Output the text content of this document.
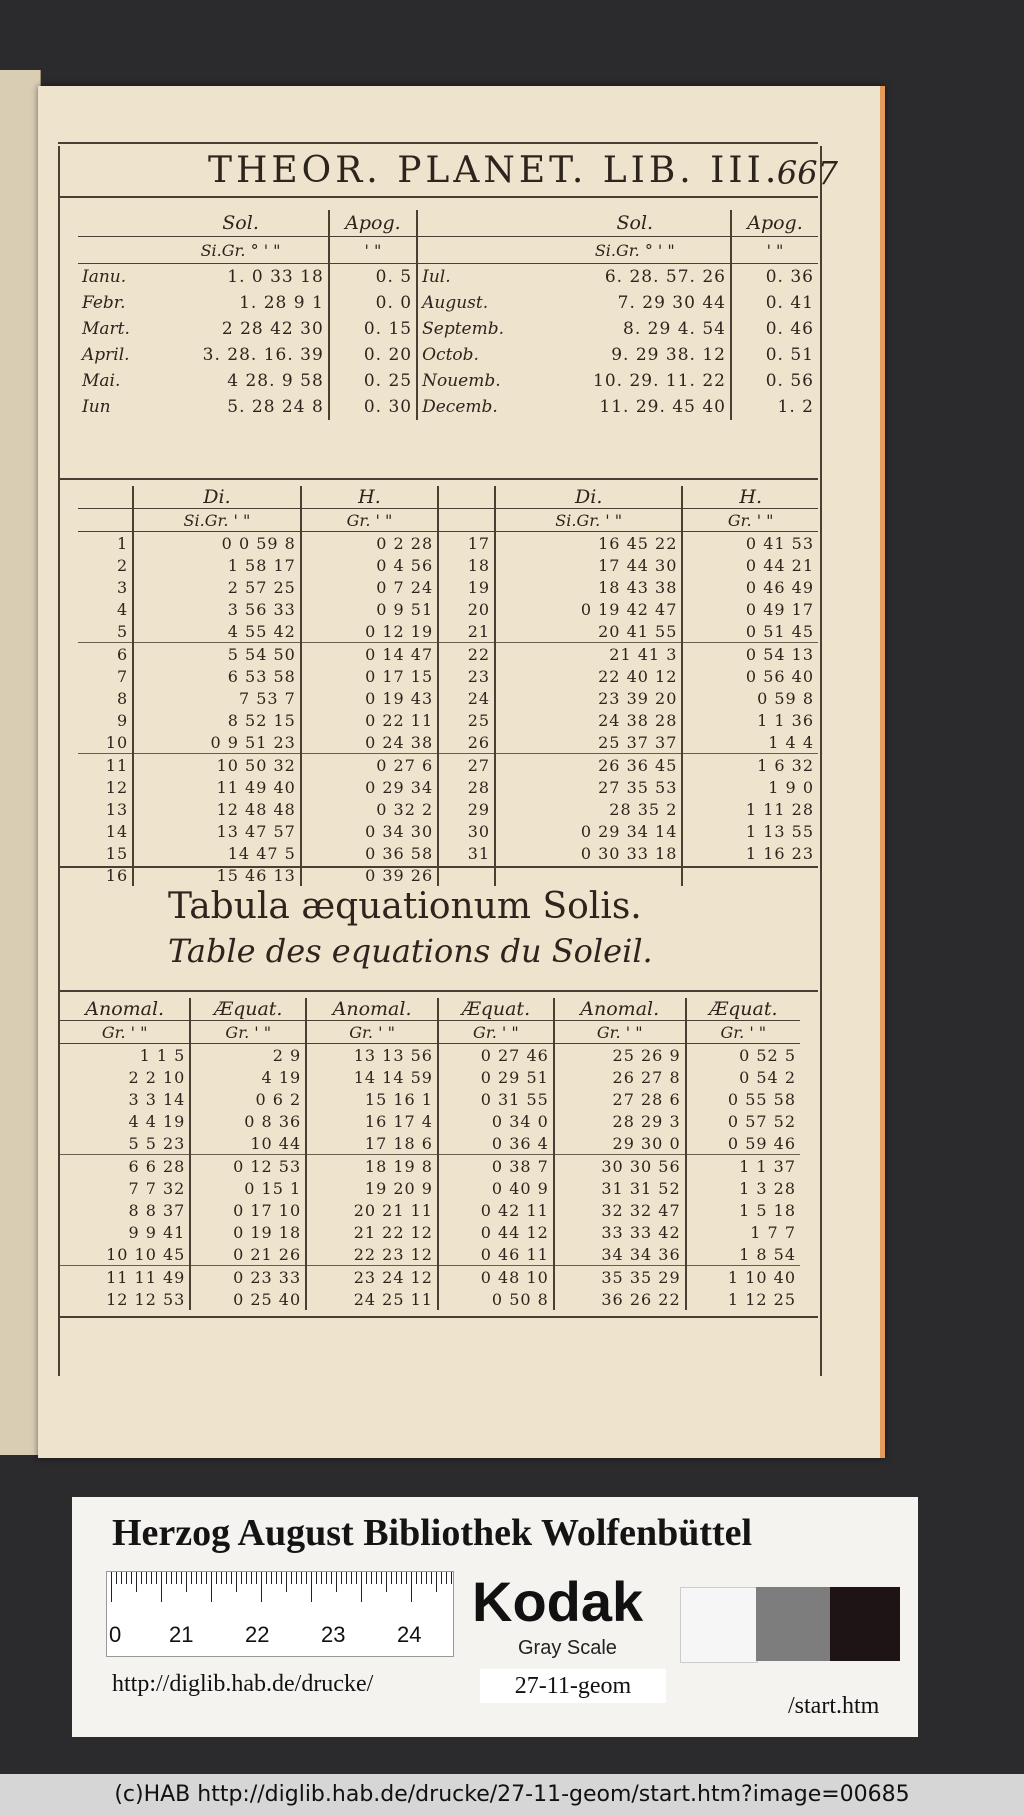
THEOR. PLANET. LIB. III.
667
	Sol.	Apog.		Sol.	Apog.
	Si.Gr. ° ' "	' "		Si.Gr. ° ' "	' "
Ianu.	1. 0 33 18	0. 5	Iul.	6. 28. 57. 26	0. 36
Febr.	1. 28 9 1	0. 0	August.	7. 29 30 44	0. 41
Mart.	2 28 42 30	0. 15	Septemb.	8. 29 4. 54	0. 46
April.	3. 28. 16. 39	0. 20	Octob.	9. 29 38. 12	0. 51
Mai.	4 28. 9 58	0. 25	Nouemb.	10. 29. 11. 22	0. 56
Iun	5. 28 24 8	0. 30	Decemb.	11. 29. 45 40	1. 2
	Di.	H.		Di.	H.
	Si.Gr. ' "	Gr. ' "		Si.Gr. ' "	Gr. ' "
1	0 0 59 8	0 2 28	17	16 45 22	0 41 53
2	1 58 17	0 4 56	18	17 44 30	0 44 21
3	2 57 25	0 7 24	19	18 43 38	0 46 49
4	3 56 33	0 9 51	20	0 19 42 47	0 49 17
5	4 55 42	0 12 19	21	20 41 55	0 51 45
6	5 54 50	0 14 47	22	21 41 3	0 54 13
7	6 53 58	0 17 15	23	22 40 12	0 56 40
8	7 53 7	0 19 43	24	23 39 20	0 59 8
9	8 52 15	0 22 11	25	24 38 28	1 1 36
10	0 9 51 23	0 24 38	26	25 37 37	1 4 4
11	10 50 32	0 27 6	27	26 36 45	1 6 32
12	11 49 40	0 29 34	28	27 35 53	1 9 0
13	12 48 48	0 32 2	29	28 35 2	1 11 28
14	13 47 57	0 34 30	30	0 29 34 14	1 13 55
15	14 47 5	0 36 58	31	0 30 33 18	1 16 23
16	15 46 13	0 39 26			
Tabula æquationum Solis.
Table des equations du Soleil.
Anomal.	Æquat.	Anomal.	Æquat.	Anomal.	Æquat.
Gr. ' "	Gr. ' "	Gr. ' "	Gr. ' "	Gr. ' "	Gr. ' "
1 1 5	2 9	13 13 56	0 27 46	25 26 9	0 52 5
2 2 10	4 19	14 14 59	0 29 51	26 27 8	0 54 2
3 3 14	0 6 2	15 16 1	0 31 55	27 28 6	0 55 58
4 4 19	0 8 36	16 17 4	0 34 0	28 29 3	0 57 52
5 5 23	10 44	17 18 6	0 36 4	29 30 0	0 59 46
6 6 28	0 12 53	18 19 8	0 38 7	30 30 56	1 1 37
7 7 32	0 15 1	19 20 9	0 40 9	31 31 52	1 3 28
8 8 37	0 17 10	20 21 11	0 42 11	32 32 47	1 5 18
9 9 41	0 19 18	21 22 12	0 44 12	33 33 42	1 7 7
10 10 45	0 21 26	22 23 12	0 46 11	34 34 36	1 8 54
11 11 49	0 23 33	23 24 12	0 48 10	35 35 29	1 10 40
12 12 53	0 25 40	24 25 11	0 50 8	36 26 22	1 12 25
Herzog August Bibliothek Wolfenbüttel
0 21 22 23 24
Kodak
Gray Scale
http://diglib.hab.de/drucke/	27-11-geom
/start.htm
(c)HAB http://diglib.hab.de/drucke/27-11-geom/start.htm?image=00685
